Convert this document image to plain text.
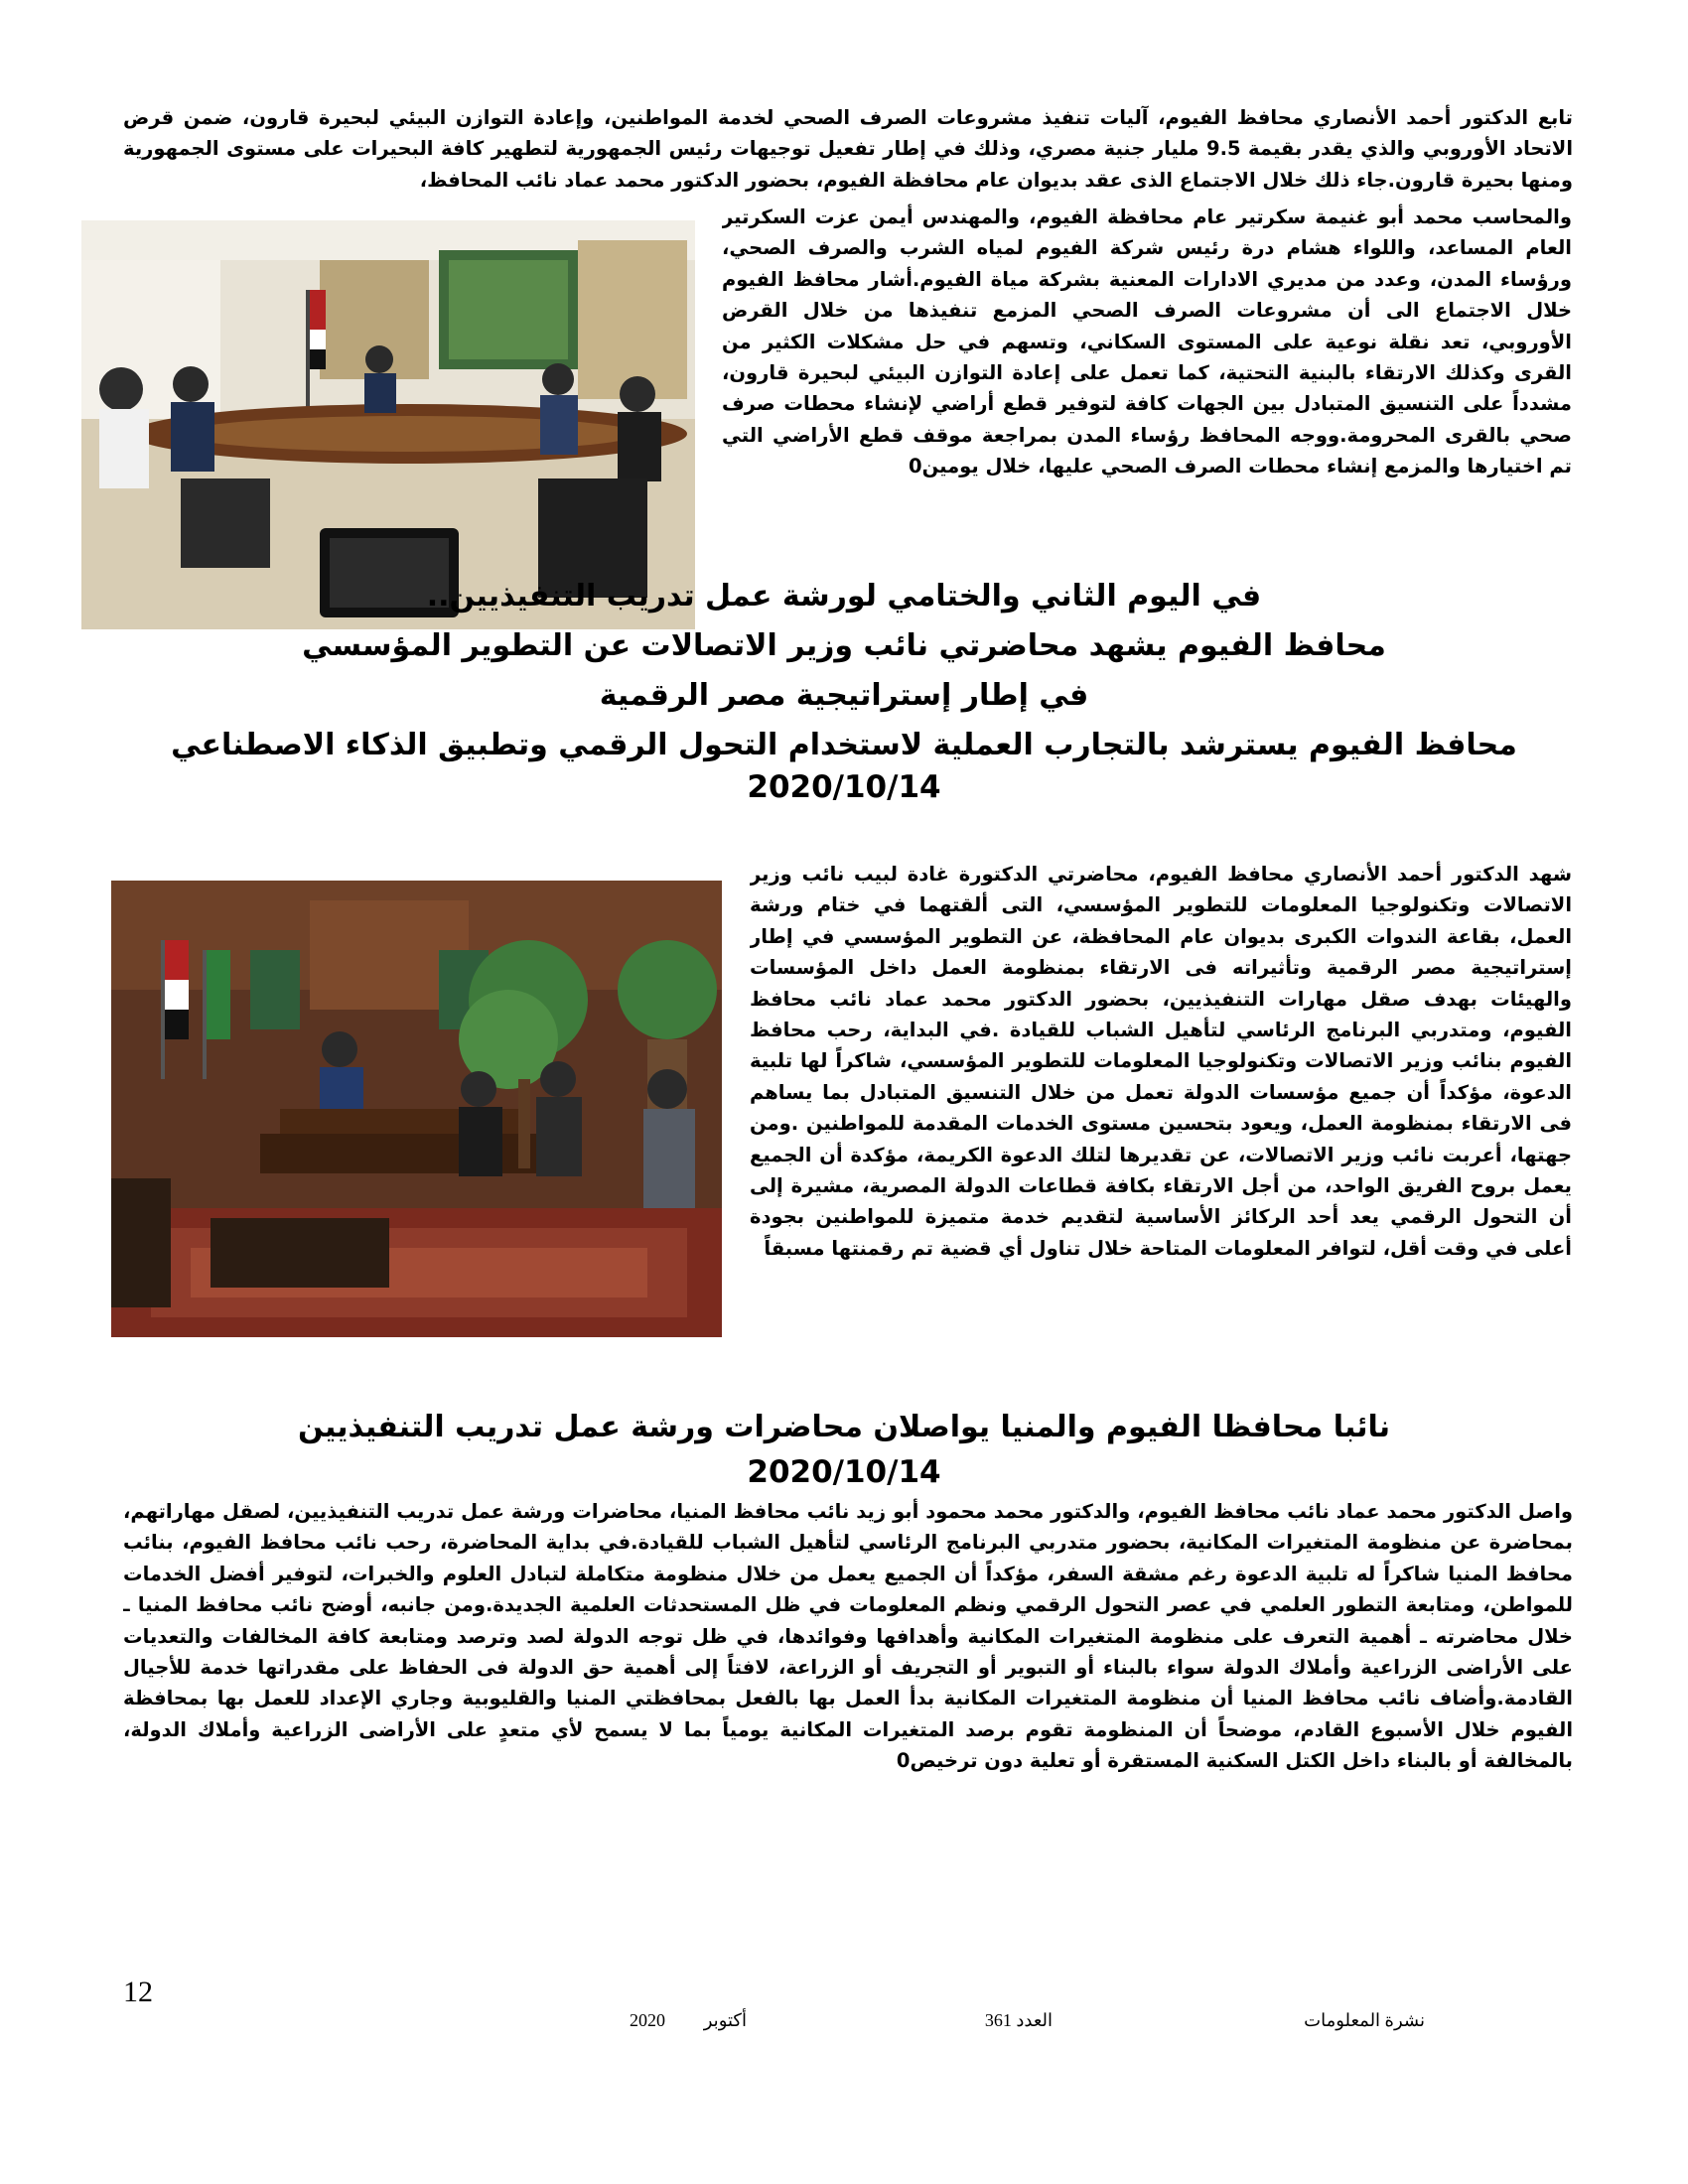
تابع الدكتور أحمد الأنصاري محافظ الفيوم، آليات تنفيذ مشروعات الصرف الصحي لخدمة المواطنين، وإعادة التوازن البيئي لبحيرة قارون، ضمن قرض الاتحاد الأوروبي والذي يقدر بقيمة 9.5 مليار جنية مصري، وذلك في إطار تفعيل توجيهات رئيس الجمهورية لتطهير كافة البحيرات على مستوى الجمهورية ومنها بحيرة قارون.جاء ذلك خلال الاجتماع الذى عقد بديوان عام محافظة الفيوم، بحضور الدكتور محمد عماد نائب المحافظ،

والمحاسب محمد أبو غنيمة سكرتير عام محافظة الفيوم، والمهندس أيمن عزت السكرتير العام المساعد، واللواء هشام درة رئيس شركة الفيوم لمياه الشرب والصرف الصحي، ورؤساء المدن، وعدد من مديري الادارات المعنية بشركة مياة الفيوم.أشار محافظ الفيوم خلال الاجتماع الى أن مشروعات الصرف الصحي المزمع تنفيذها من خلال القرض الأوروبي، تعد نقلة نوعية على المستوى السكاني، وتسهم في حل مشكلات الكثير من القرى وكذلك الارتقاء بالبنية التحتية، كما تعمل على إعادة التوازن البيئي لبحيرة قارون، مشدداً على التنسيق المتبادل بين الجهات كافة لتوفير قطع أراضي لإنشاء محطات صرف صحي بالقرى المحرومة.ووجه المحافظ رؤساء المدن بمراجعة موقف قطع الأراضي التي تم اختيارها والمزمع إنشاء محطات الصرف الصحي عليها، خلال يومين0

في اليوم الثاني والختامي لورشة عمل تدريب التنفيذيين..
محافظ الفيوم يشهد محاضرتي نائب وزير الاتصالات عن التطوير المؤسسي
في إطار إستراتيجية مصر الرقمية
محافظ الفيوم يسترشد بالتجارب العملية لاستخدام التحول الرقمي وتطبيق الذكاء الاصطناعي
2020/10/14

شهد الدكتور أحمد الأنصاري محافظ الفيوم، محاضرتي الدكتورة غادة لبيب نائب وزير الاتصالات وتكنولوجيا المعلومات للتطوير المؤسسي، التى ألقتهما في ختام ورشة العمل، بقاعة الندوات الكبرى بديوان عام المحافظة، عن التطوير المؤسسي في إطار إستراتيجية مصر الرقمية وتأثيراته فى الارتقاء بمنظومة العمل داخل المؤسسات والهيئات بهدف صقل مهارات التنفيذيين، بحضور الدكتور محمد عماد نائب محافظ الفيوم، ومتدربي البرنامج الرئاسي لتأهيل الشباب للقيادة .في البداية، رحب محافظ الفيوم بنائب وزير الاتصالات وتكنولوجيا المعلومات للتطوير المؤسسي، شاكراً لها تلبية الدعوة، مؤكداً أن جميع مؤسسات الدولة تعمل من خلال التنسيق المتبادل بما يساهم فى الارتقاء بمنظومة العمل، ويعود بتحسين مستوى الخدمات المقدمة للمواطنين .ومن جهتها، أعربت نائب وزير الاتصالات، عن تقديرها لتلك الدعوة الكريمة، مؤكدة أن الجميع يعمل بروح الفريق الواحد، من أجل الارتقاء بكافة قطاعات الدولة المصرية، مشيرة إلى أن التحول الرقمي يعد أحد الركائز الأساسية لتقديم خدمة متميزة للمواطنين بجودة أعلى في وقت أقل، لتوافر المعلومات المتاحة خلال تناول أي قضية تم رقمنتها مسبقاً

نائبا محافظا الفيوم والمنيا يواصلان محاضرات ورشة عمل تدريب التنفيذيين
2020/10/14

واصل الدكتور محمد عماد نائب محافظ الفيوم، والدكتور محمد محمود أبو زيد نائب محافظ المنيا، محاضرات ورشة عمل تدريب التنفيذيين، لصقل مهاراتهم، بمحاضرة عن منظومة المتغيرات المكانية، بحضور متدربي البرنامج الرئاسي لتأهيل الشباب للقيادة.في بداية المحاضرة، رحب نائب محافظ الفيوم، بنائب محافظ المنيا شاكراً له تلبية الدعوة رغم مشقة السفر، مؤكداً أن الجميع يعمل من خلال منظومة متكاملة لتبادل العلوم والخبرات، لتوفير أفضل الخدمات للمواطن، ومتابعة التطور العلمي في عصر التحول الرقمي ونظم المعلومات في ظل المستحدثات العلمية الجديدة.ومن جانبه، أوضح نائب محافظ المنيا ـ خلال محاضرته ـ أهمية التعرف على منظومة المتغيرات المكانية وأهدافها وفوائدها، في ظل توجه الدولة لصد وترصد ومتابعة كافة المخالفات والتعديات على الأراضى الزراعية وأملاك الدولة سواء بالبناء أو التبوير أو التجريف أو الزراعة، لافتاً إلى أهمية حق الدولة فى الحفاظ على مقدراتها خدمة للأجيال القادمة.وأضاف نائب محافظ المنيا أن منظومة المتغيرات المكانية بدأ العمل بها بالفعل بمحافظتي المنيا والقليوبية وجاري الإعداد للعمل بها بمحافظة الفيوم خلال الأسبوع القادم، موضحاً أن المنظومة تقوم برصد المتغيرات المكانية يومياً بما لا يسمح لأي متعدٍ على الأراضى الزراعية وأملاك الدولة، بالمخالفة أو بالبناء داخل الكتل السكنية المستقرة أو تعلية دون ترخيص0

12
نشرة المعلومات
العدد 361
أكتوبر
2020
